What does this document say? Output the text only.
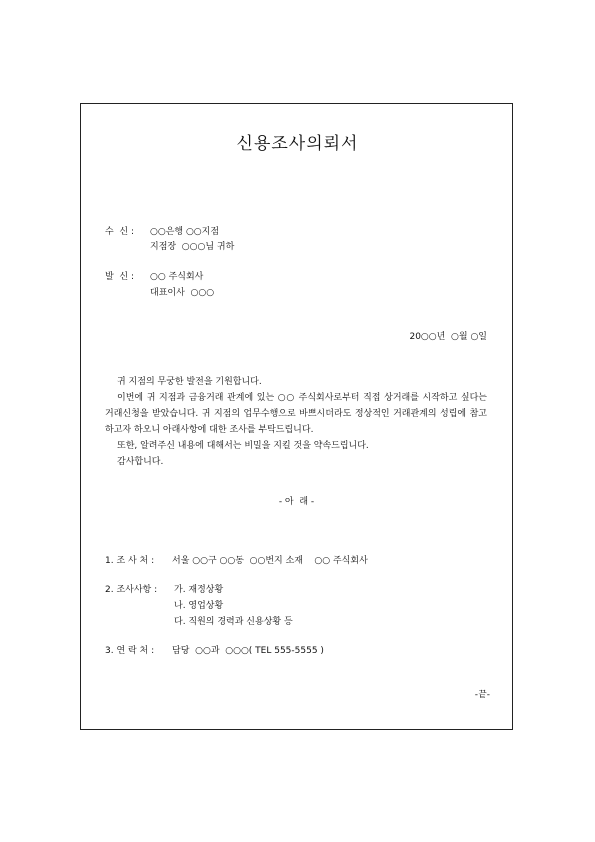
신용조사의뢰서
수  신 : ○○은행 ○○지점
지점장  ○○○님 귀하
발  신 : ○○ 주식회사
대표이사  ○○○
20○○년  ○월 ○일
귀 지점의 무궁한 발전을 기원합니다.
이번에 귀 지점과 금융거래 관계에 있는 ○○ 주식회사로부터 직접 상거래를 시작하고 싶다는 거래신청을 받았습니다. 귀 지점의 업무수행으로 바쁘시더라도 정상적인 거래관계의 성립에 참고하고자 하오니 아래사항에 대한 조사를 부탁드립니다.
또한, 알려주신 내용에 대해서는 비밀을 지킬 것을 약속드립니다.
감사합니다.
- 아  래 -
1. 조 사 처 : 서울 ○○구 ○○동  ○○번지 소재    ○○ 주식회사
2. 조사사항 : 가. 재정상황
나. 영업상황
다. 직원의 경력과 신용상황 등
3. 연 락 처 : 담당  ○○과  ○○○( TEL 555-5555 )
-끝-
